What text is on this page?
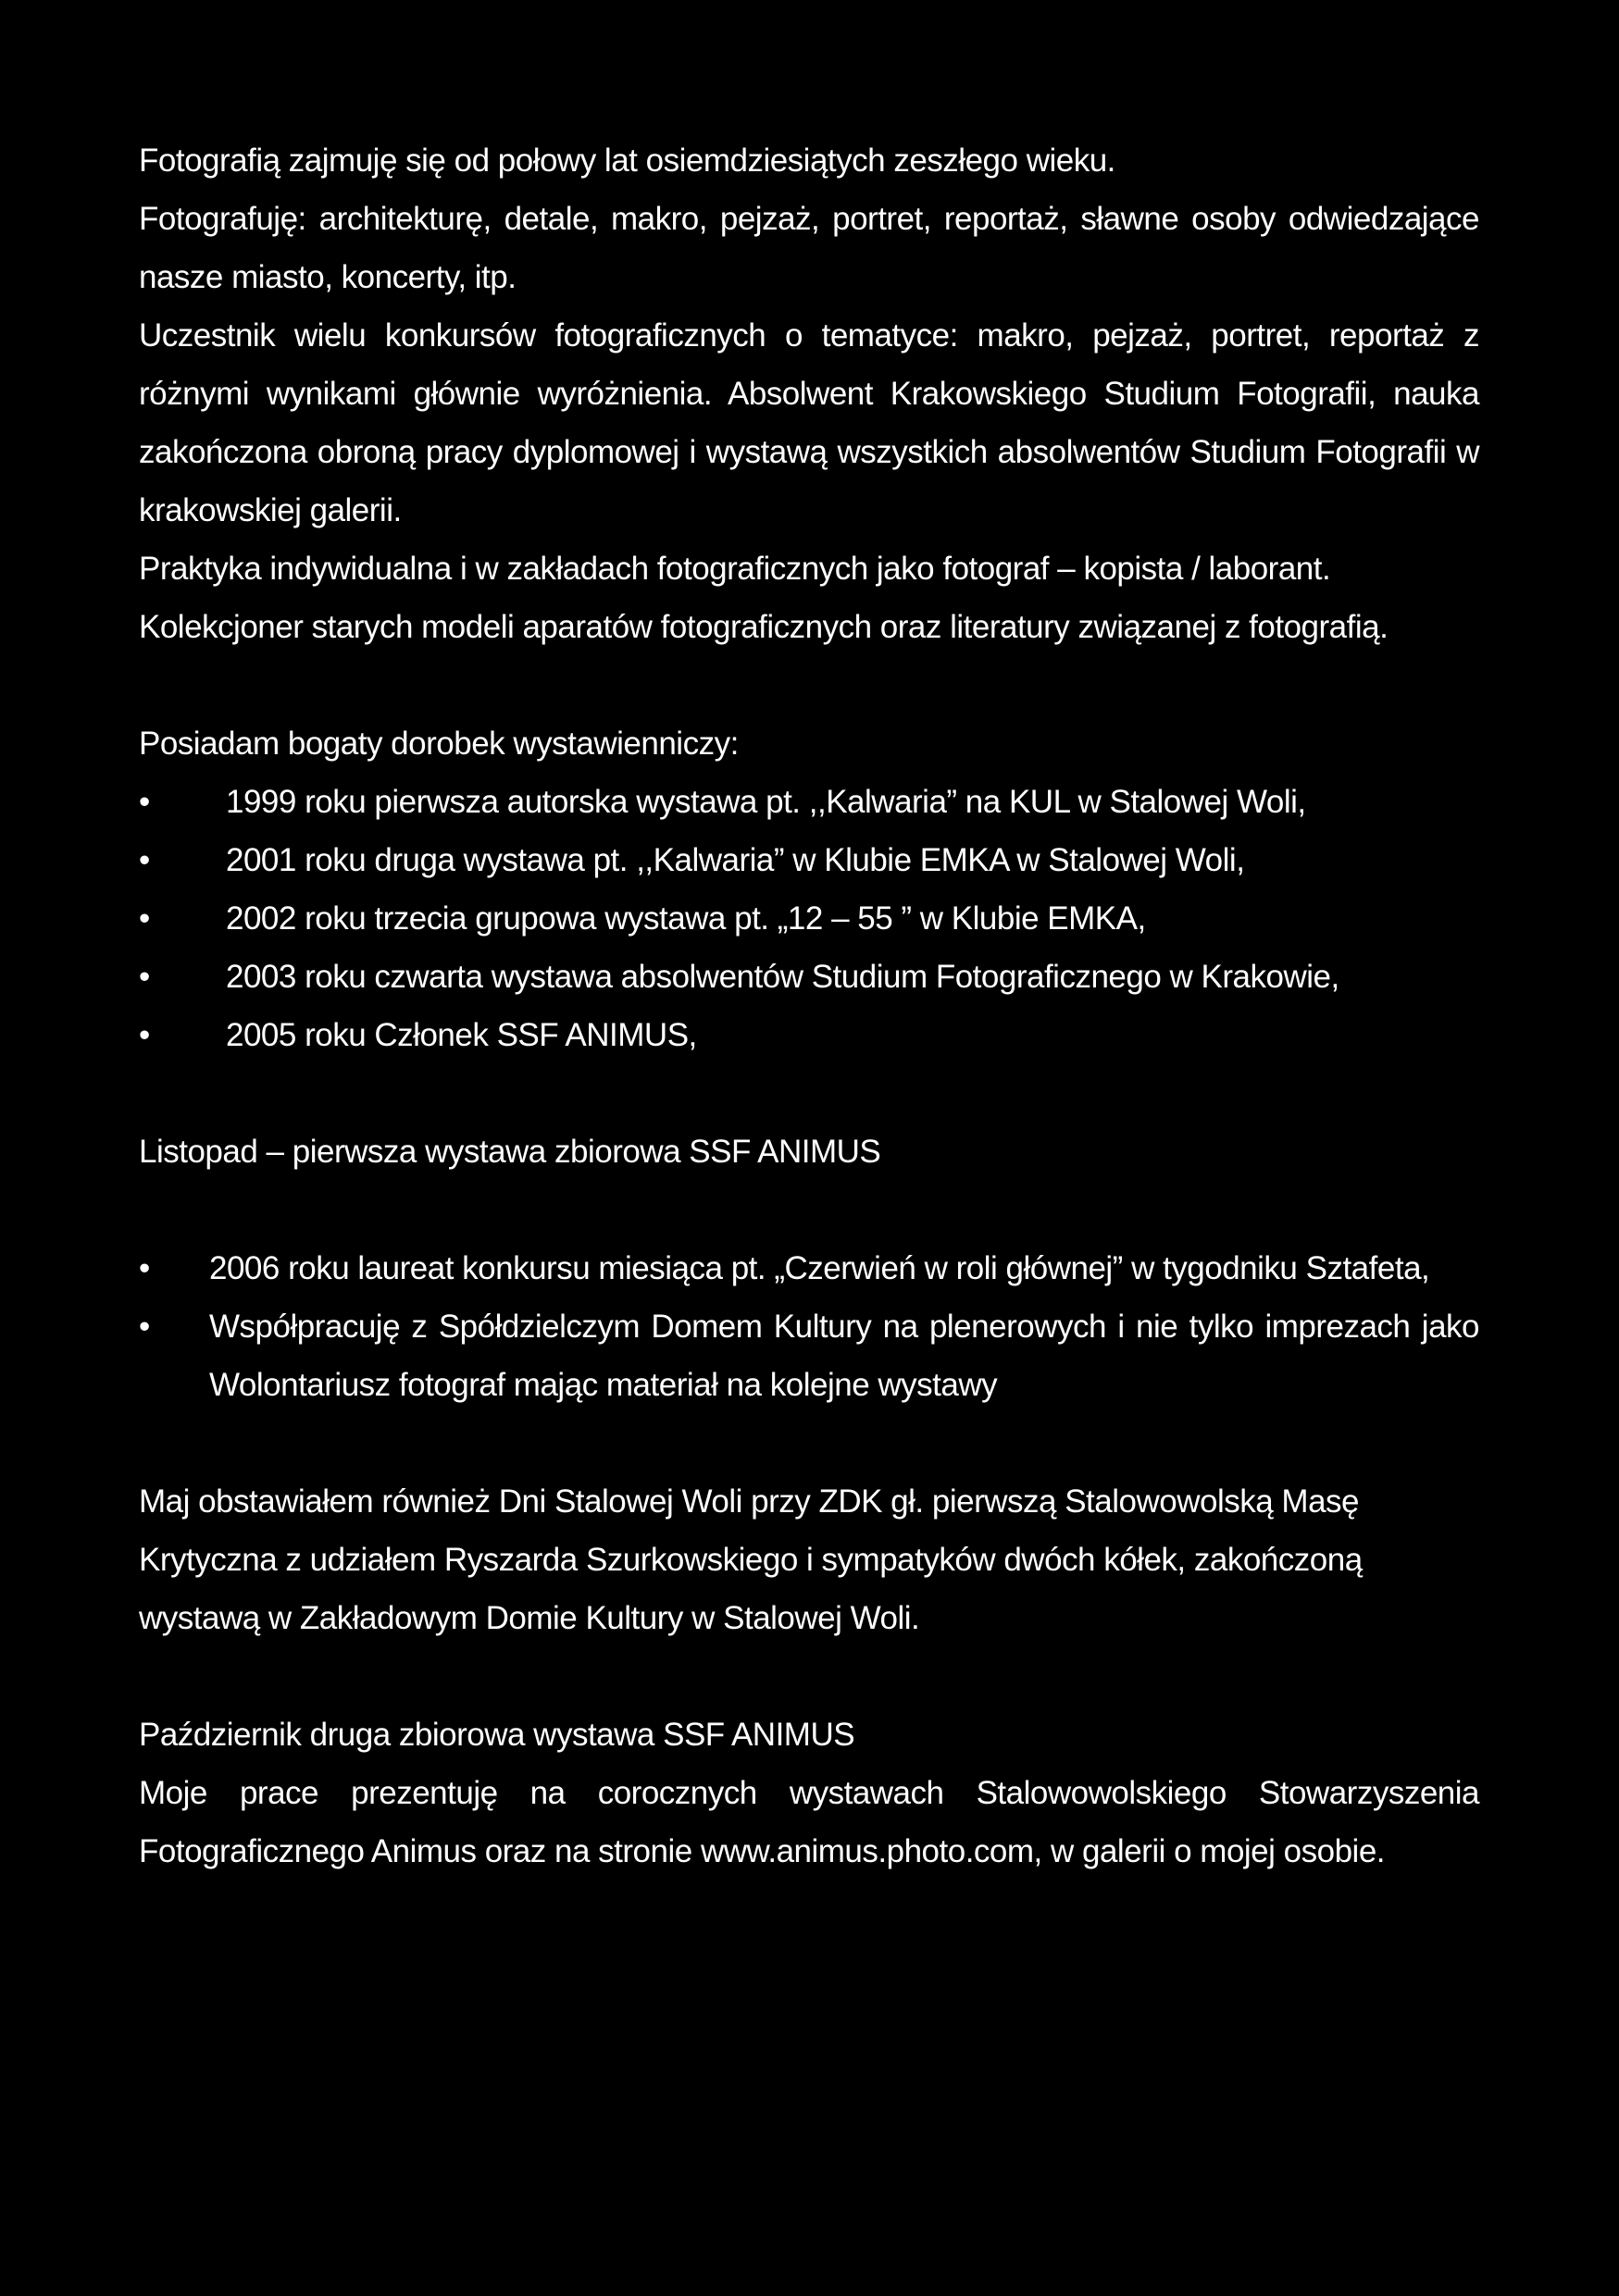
Fotografią zajmuję się od połowy lat osiemdziesiątych zeszłego wieku.

Fotografuję: architekturę, detale, makro, pejzaż, portret, reportaż, sławne osoby odwiedzające nasze miasto, koncerty, itp.

Uczestnik wielu konkursów fotograficznych o tematyce: makro, pejzaż, portret, reportaż z różnymi wynikami głównie wyróżnienia. Absolwent Krakowskiego Studium Fotografii, nauka zakończona obroną pracy dyplomowej i wystawą wszystkich absolwentów Studium Fotografii w krakowskiej galerii.

Praktyka indywidualna i w zakładach fotograficznych jako fotograf – kopista / laborant.

Kolekcjoner starych modeli aparatów fotograficznych oraz literatury związanej z fotografią.

Posiadam bogaty dorobek wystawienniczy:

• 1999 roku pierwsza autorska wystawa pt. ,,Kalwaria” na KUL w Stalowej Woli,
• 2001 roku druga wystawa pt. ,,Kalwaria” w Klubie EMKA w Stalowej Woli,
• 2002 roku trzecia grupowa wystawa pt. „12 – 55 ” w Klubie EMKA,
• 2003 roku czwarta wystawa absolwentów Studium Fotograficznego w Krakowie,
• 2005 roku Członek SSF ANIMUS,

Listopad – pierwsza wystawa zbiorowa SSF ANIMUS

• 2006 roku laureat konkursu miesiąca pt. „Czerwień w roli głównej” w tygodniku Sztafeta,
• Współpracuję z Spółdzielczym Domem Kultury na plenerowych i nie tylko imprezach jako Wolontariusz fotograf mając materiał na kolejne wystawy

Maj obstawiałem również Dni Stalowej Woli przy ZDK gł. pierwszą Stalowowolską Masę Krytyczna z udziałem Ryszarda Szurkowskiego i sympatyków dwóch kółek, zakończoną wystawą w Zakładowym Domie Kultury w Stalowej Woli.

Październik druga zbiorowa wystawa SSF ANIMUS

Moje prace prezentuję na corocznych wystawach Stalowowolskiego Stowarzyszenia Fotograficznego Animus oraz na stronie www.animus.photo.com, w galerii o mojej osobie.
